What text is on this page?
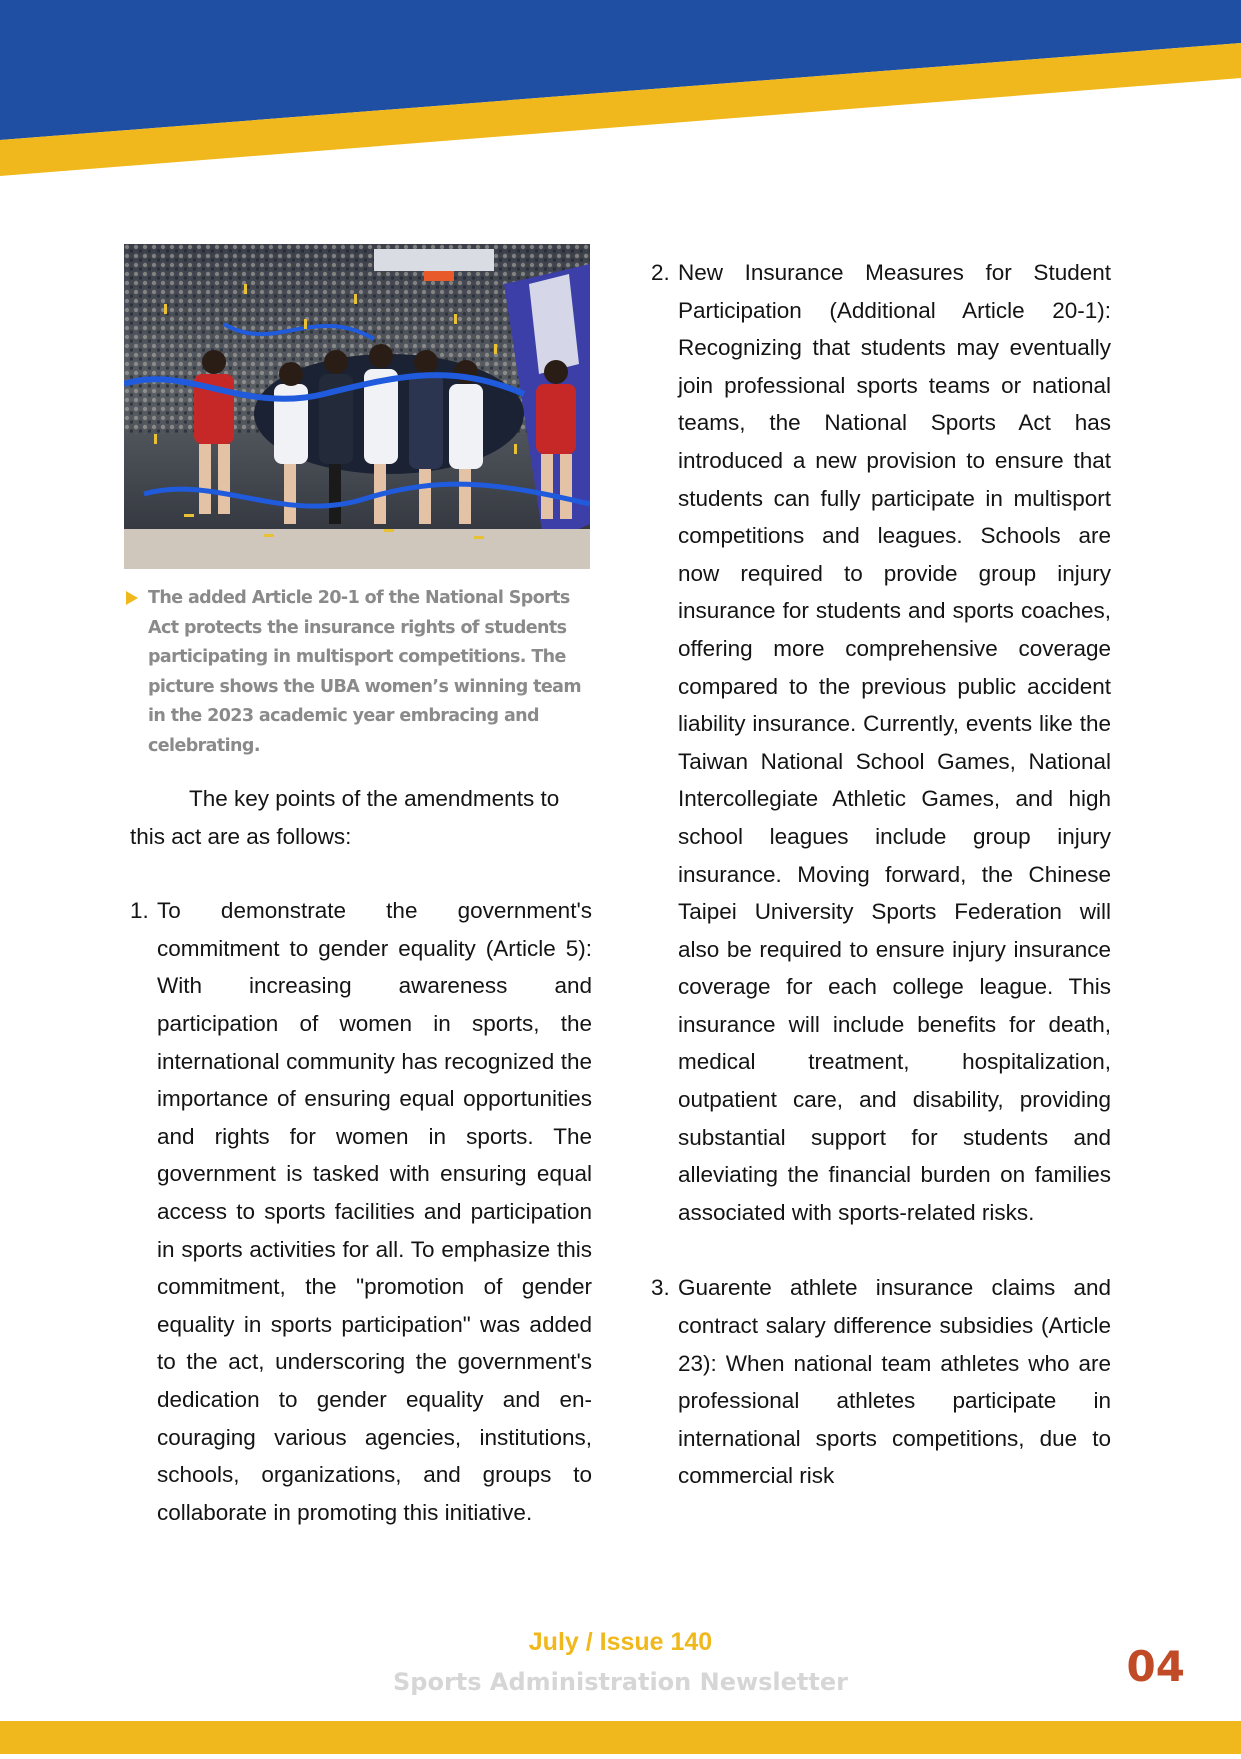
The added Article 20-1 of the National Sports Act protects the insurance rights of students participating in multisport competitions. The picture shows the UBA women’s winning team in the 2023 academic year embracing and celebrating.

The key points of the amendments to this act are as follows:

1. To demonstrate the government's commitment to gender equality (Article 5): With increasing awareness and participation of women in sports, the international community has recognized the importance of ensuring equal opportunities and rights for women in sports. The government is tasked with ensuring equal access to sports facilities and participation in sports activities for all. To emphasize this commitment, the "promotion of gender equality in sports participation" was added to the act, underscoring the government's dedication to gender equality and encouraging various agencies, institutions, schools, organizations, and groups to collaborate in promoting this initiative.
2. New Insurance Measures for Student Participation (Additional Article 20-1): Recognizing that students may eventually join professional sports teams or national teams, the National Sports Act has introduced a new provision to ensure that students can fully participate in multisport competitions and leagues. Schools are now required to provide group injury insurance for students and sports coaches, offering more comprehensive coverage compared to the previous public accident liability insurance. Currently, events like the Taiwan National School Games, National Intercollegiate Athletic Games, and high school leagues include group injury insurance. Moving forward, the Chinese Taipei University Sports Federation will also be required to ensure injury insurance coverage for each college league. This insurance will include benefits for death, medical treatment, hospitalization, outpatient care, and disability, providing substantial support for students and alleviating the financial burden on families associated with sports-related risks.
3. Guarente athlete insurance claims and contract salary difference subsidies (Article 23): When national team athletes who are professional athletes participate in international sports competitions, due to commercial risk
July / Issue 140
Sports Administration Newsletter	04
